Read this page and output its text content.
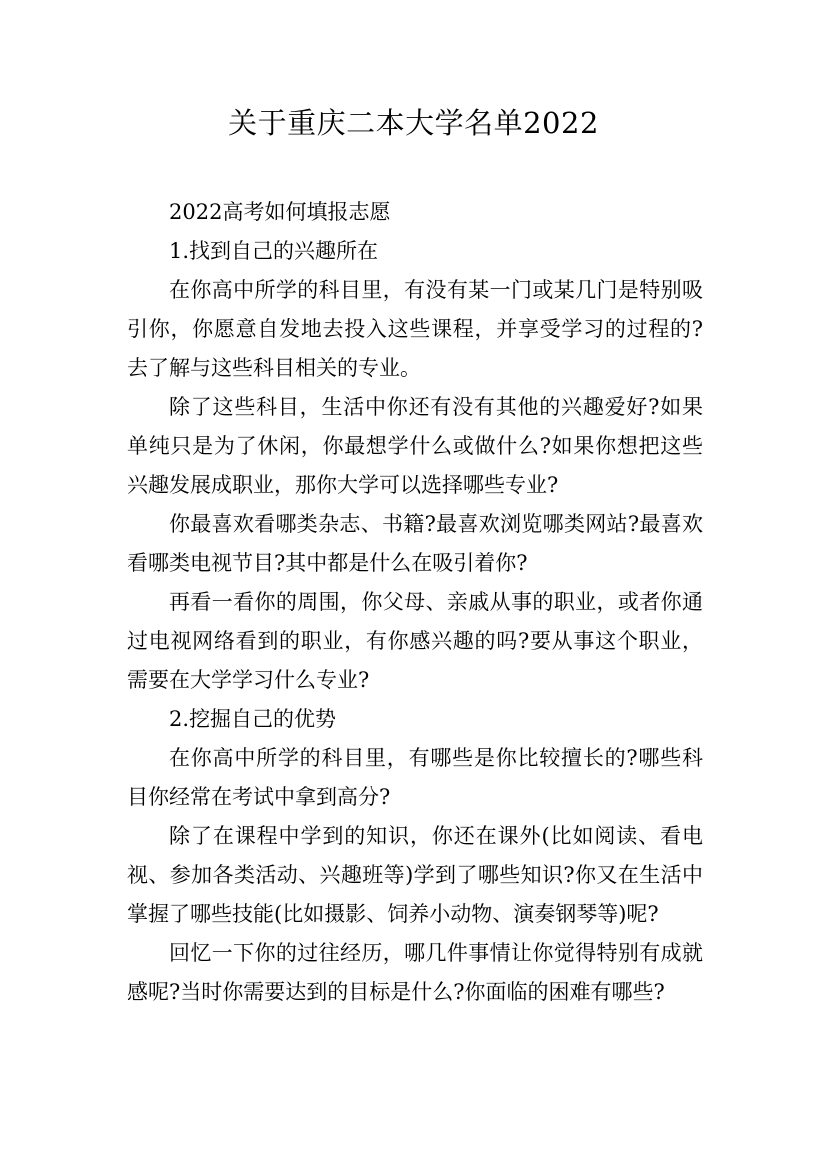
关于重庆二本大学名单2022

2022高考如何填报志愿

1.找到自己的兴趣所在

在你高中所学的科目里，有没有某一门或某几门是特别吸引你，你愿意自发地去投入这些课程，并享受学习的过程的?去了解与这些科目相关的专业。

除了这些科目，生活中你还有没有其他的兴趣爱好?如果单纯只是为了休闲，你最想学什么或做什么?如果你想把这些兴趣发展成职业，那你大学可以选择哪些专业?

你最喜欢看哪类杂志、书籍?最喜欢浏览哪类网站?最喜欢看哪类电视节目?其中都是什么在吸引着你?

再看一看你的周围，你父母、亲戚从事的职业，或者你通过电视网络看到的职业，有你感兴趣的吗?要从事这个职业，需要在大学学习什么专业?

2.挖掘自己的优势

在你高中所学的科目里，有哪些是你比较擅长的?哪些科目你经常在考试中拿到高分?

除了在课程中学到的知识，你还在课外(比如阅读、看电视、参加各类活动、兴趣班等)学到了哪些知识?你又在生活中掌握了哪些技能(比如摄影、饲养小动物、演奏钢琴等)呢?

回忆一下你的过往经历，哪几件事情让你觉得特别有成就感呢?当时你需要达到的目标是什么?你面临的困难有哪些?
